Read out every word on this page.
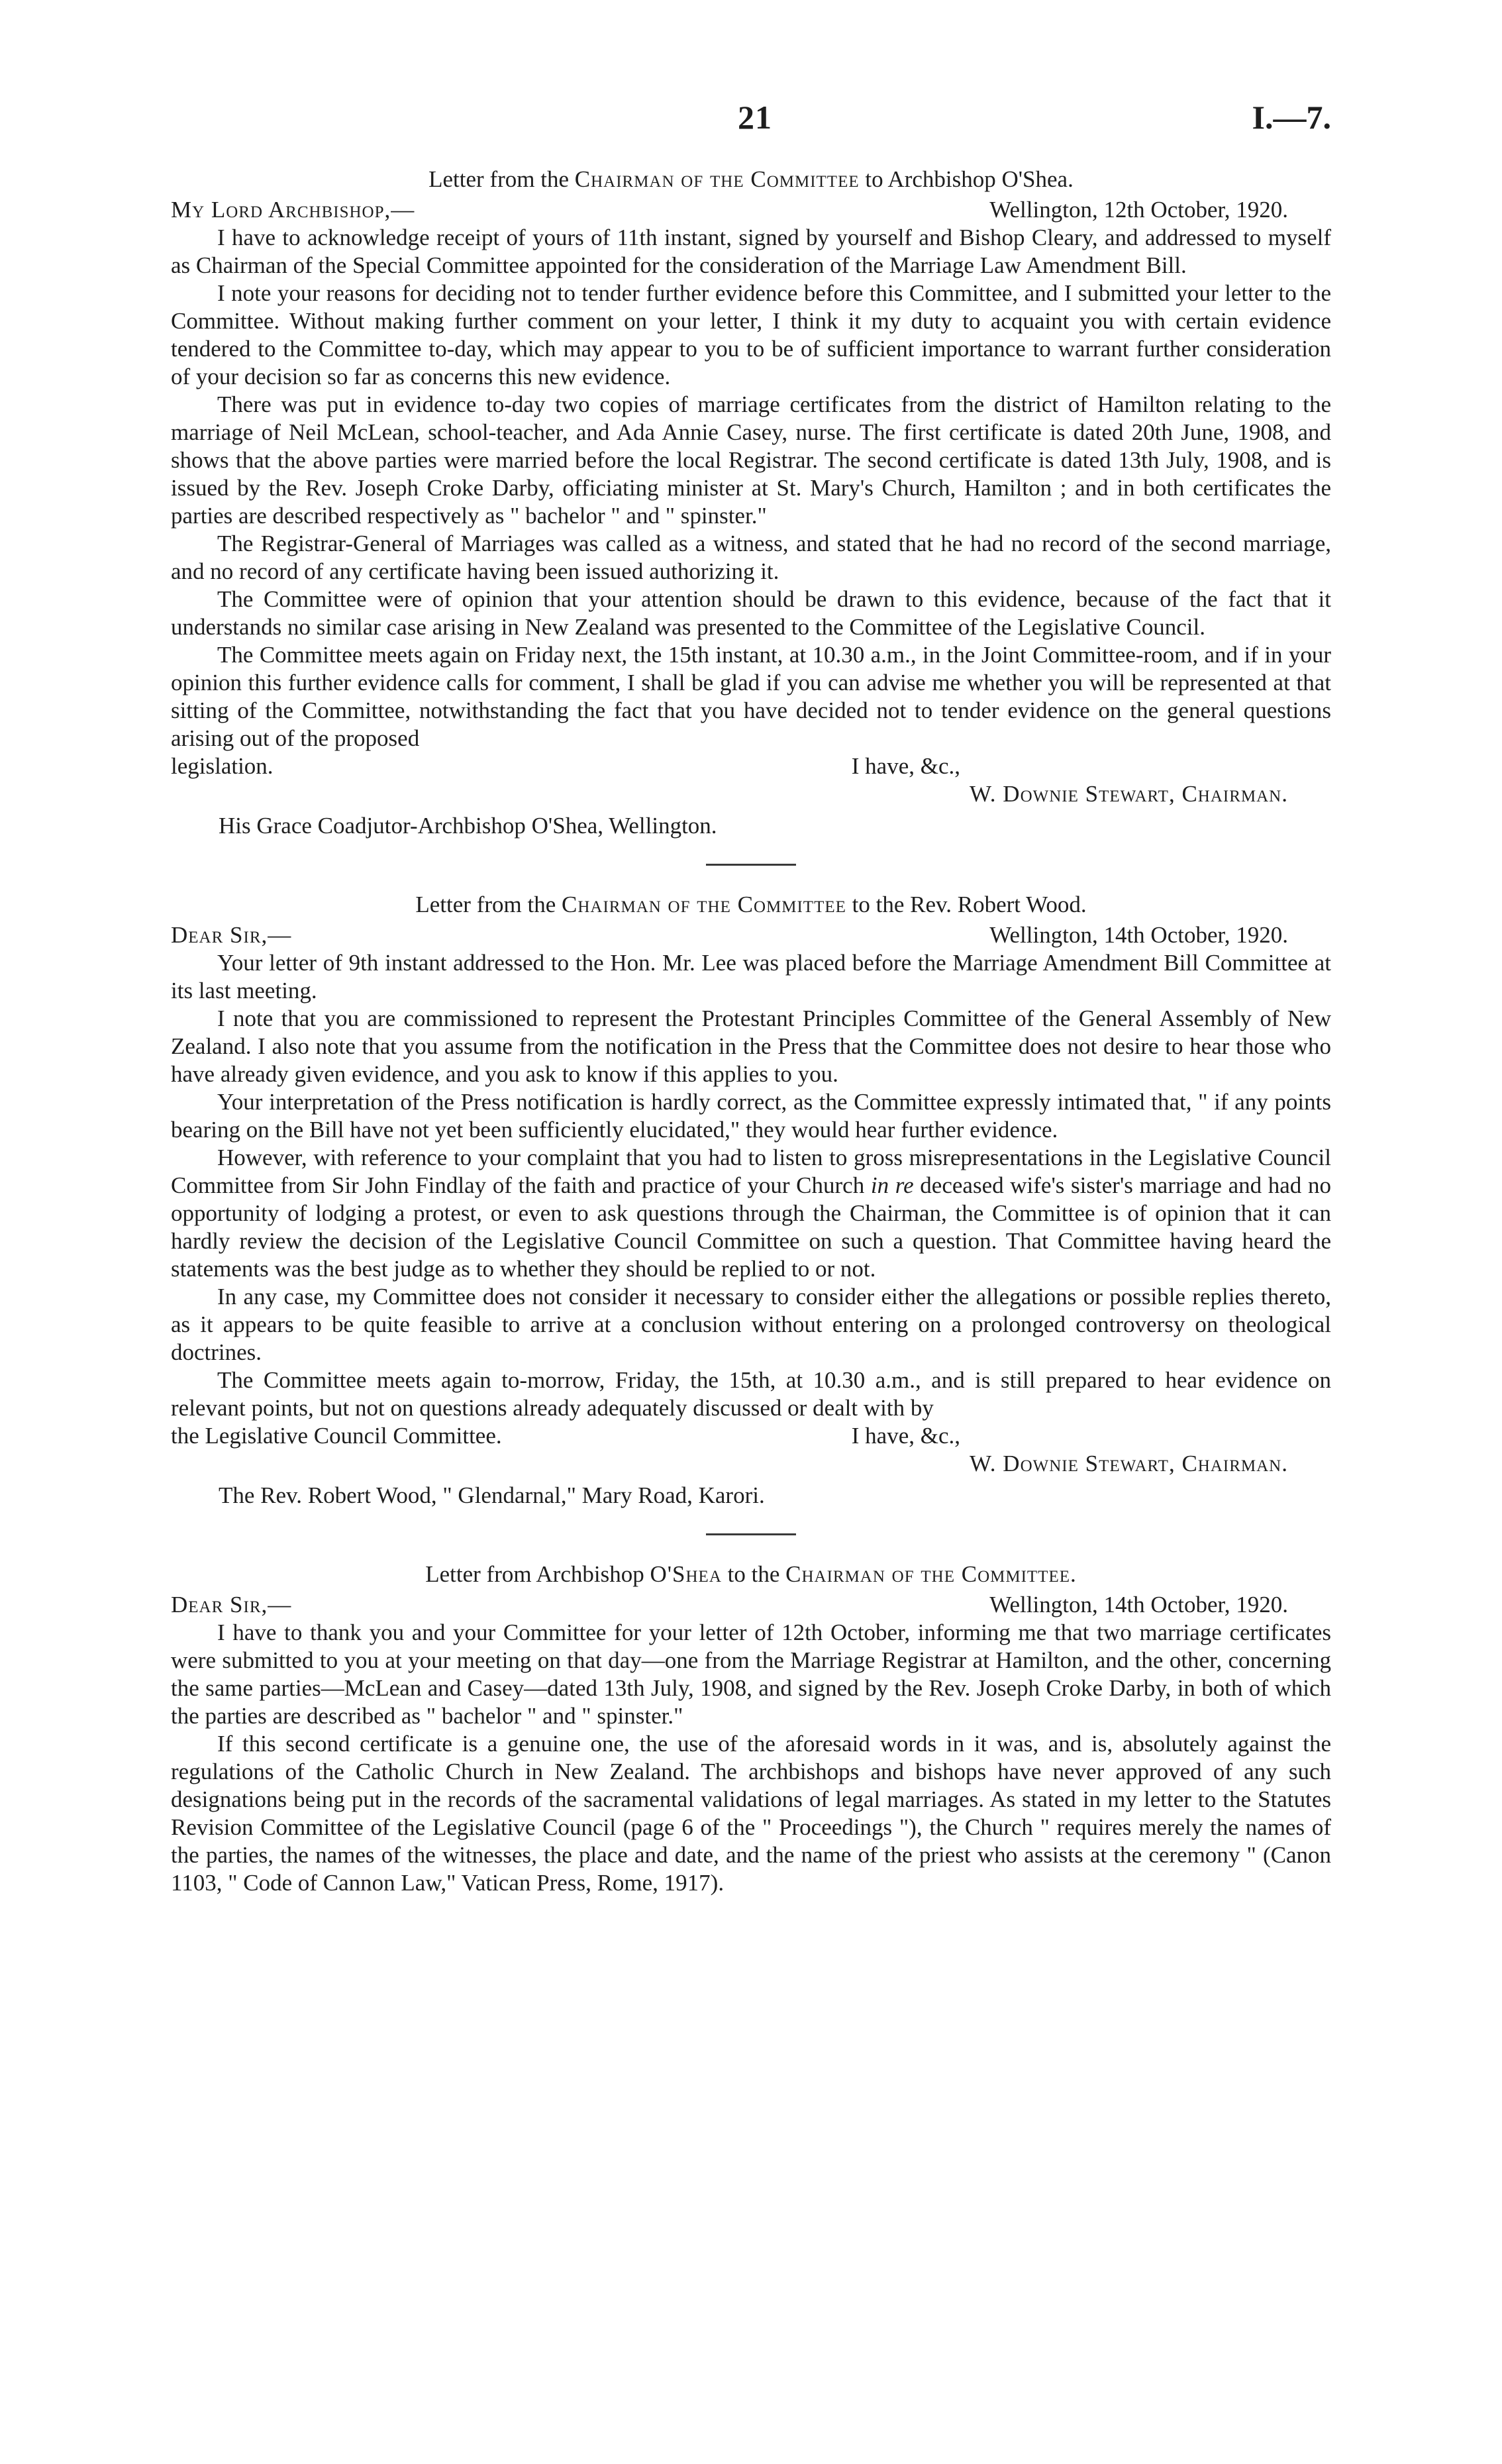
21	I.—7.

Letter from the Chairman of the Committee to Archbishop O'Shea.

My Lord Archbishop,—	Wellington, 12th October, 1920.

I have to acknowledge receipt of yours of 11th instant, signed by yourself and Bishop Cleary, and addressed to myself as Chairman of the Special Committee appointed for the consideration of the Marriage Law Amendment Bill.

I note your reasons for deciding not to tender further evidence before this Committee, and I submitted your letter to the Committee. Without making further comment on your letter, I think it my duty to acquaint you with certain evidence tendered to the Committee to-day, which may appear to you to be of sufficient importance to warrant further consideration of your decision so far as concerns this new evidence.

There was put in evidence to-day two copies of marriage certificates from the district of Hamilton relating to the marriage of Neil McLean, school-teacher, and Ada Annie Casey, nurse. The first certificate is dated 20th June, 1908, and shows that the above parties were married before the local Registrar. The second certificate is dated 13th July, 1908, and is issued by the Rev. Joseph Croke Darby, officiating minister at St. Mary's Church, Hamilton ; and in both certificates the parties are described respectively as " bachelor " and " spinster."

The Registrar-General of Marriages was called as a witness, and stated that he had no record of the second marriage, and no record of any certificate having been issued authorizing it.

The Committee were of opinion that your attention should be drawn to this evidence, because of the fact that it understands no similar case arising in New Zealand was presented to the Committee of the Legislative Council.

The Committee meets again on Friday next, the 15th instant, at 10.30 a.m., in the Joint Committee-room, and if in your opinion this further evidence calls for comment, I shall be glad if you can advise me whether you will be represented at that sitting of the Committee, notwithstanding the fact that you have decided not to tender evidence on the general questions arising out of the proposed

legislation.	I have, &c.,

W. Downie Stewart, Chairman.

His Grace Coadjutor-Archbishop O'Shea, Wellington.

Letter from the Chairman of the Committee to the Rev. Robert Wood.

Dear Sir,—	Wellington, 14th October, 1920.

Your letter of 9th instant addressed to the Hon. Mr. Lee was placed before the Marriage Amendment Bill Committee at its last meeting.

I note that you are commissioned to represent the Protestant Principles Committee of the General Assembly of New Zealand. I also note that you assume from the notification in the Press that the Committee does not desire to hear those who have already given evidence, and you ask to know if this applies to you.

Your interpretation of the Press notification is hardly correct, as the Committee expressly intimated that, " if any points bearing on the Bill have not yet been sufficiently elucidated," they would hear further evidence.

However, with reference to your complaint that you had to listen to gross misrepresentations in the Legislative Council Committee from Sir John Findlay of the faith and practice of your Church in re deceased wife's sister's marriage and had no opportunity of lodging a protest, or even to ask questions through the Chairman, the Committee is of opinion that it can hardly review the decision of the Legislative Council Committee on such a question. That Committee having heard the statements was the best judge as to whether they should be replied to or not.

In any case, my Committee does not consider it necessary to consider either the allegations or possible replies thereto, as it appears to be quite feasible to arrive at a conclusion without entering on a prolonged controversy on theological doctrines.

The Committee meets again to-morrow, Friday, the 15th, at 10.30 a.m., and is still prepared to hear evidence on relevant points, but not on questions already adequately discussed or dealt with by

the Legislative Council Committee.	I have, &c.,

W. Downie Stewart, Chairman.

The Rev. Robert Wood, " Glendarnal," Mary Road, Karori.

Letter from Archbishop O'Shea to the Chairman of the Committee.

Dear Sir,—	Wellington, 14th October, 1920.

I have to thank you and your Committee for your letter of 12th October, informing me that two marriage certificates were submitted to you at your meeting on that day—one from the Marriage Registrar at Hamilton, and the other, concerning the same parties—McLean and Casey—dated 13th July, 1908, and signed by the Rev. Joseph Croke Darby, in both of which the parties are described as " bachelor " and " spinster."

If this second certificate is a genuine one, the use of the aforesaid words in it was, and is, absolutely against the regulations of the Catholic Church in New Zealand. The archbishops and bishops have never approved of any such designations being put in the records of the sacramental validations of legal marriages. As stated in my letter to the Statutes Revision Committee of the Legislative Council (page 6 of the " Proceedings "), the Church " requires merely the names of the parties, the names of the witnesses, the place and date, and the name of the priest who assists at the ceremony " (Canon 1103, " Code of Cannon Law," Vatican Press, Rome, 1917).
